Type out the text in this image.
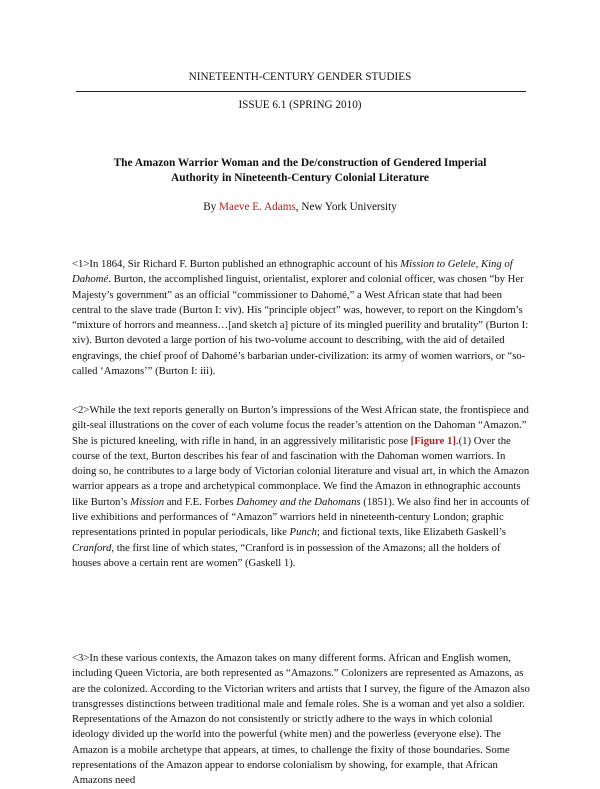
NINETEENTH-CENTURY GENDER STUDIES
ISSUE 6.1 (SPRING 2010)
The Amazon Warrior Woman and the De/construction of Gendered Imperial Authority in Nineteenth-Century Colonial Literature
By Maeve E. Adams, New York University

<1>In 1864, Sir Richard F. Burton published an ethnographic account of his Mission to Gelele, King of Dahomé. Burton, the accomplished linguist, orientalist, explorer and colonial officer, was chosen “by Her Majesty’s government” as an official “commissioner to Dahomé,” a West African state that had been central to the slave trade (Burton I: viv). His “principle object” was, however, to report on the Kingdom’s “mixture of horrors and meanness…[and sketch a] picture of its mingled puerility and brutality” (Burton I: xiv). Burton devoted a large portion of his two-volume account to describing, with the aid of detailed engravings, the chief proof of Dahomé’s barbarian under-civilization: its army of women warriors, or “so-called ‘Amazons’” (Burton I: iii).

<2>While the text reports generally on Burton’s impressions of the West African state, the frontispiece and gilt-seal illustrations on the cover of each volume focus the reader’s attention on the Dahoman “Amazon.” She is pictured kneeling, with rifle in hand, in an aggressively militaristic pose [Figure 1].(1) Over the course of the text, Burton describes his fear of and fascination with the Dahoman women warriors. In doing so, he contributes to a large body of Victorian colonial literature and visual art, in which the Amazon warrior appears as a trope and archetypical commonplace. We find the Amazon in ethnographic accounts like Burton’s Mission and F.E. Forbes Dahomey and the Dahomans (1851). We also find her in accounts of live exhibitions and performances of “Amazon” warriors held in nineteenth-century London; graphic representations printed in popular periodicals, like Punch; and fictional texts, like Elizabeth Gaskell’s Cranford, the first line of which states, “Cranford is in possession of the Amazons; all the holders of houses above a certain rent are women” (Gaskell 1).

<3>In these various contexts, the Amazon takes on many different forms. African and English women, including Queen Victoria, are both represented as “Amazons.” Colonizers are represented as Amazons, as are the colonized. According to the Victorian writers and artists that I survey, the figure of the Amazon also transgresses distinctions between traditional male and female roles. She is a woman and yet also a soldier. Representations of the Amazon do not consistently or strictly adhere to the ways in which colonial ideology divided up the world into the powerful (white men) and the powerless (everyone else). The Amazon is a mobile archetype that appears, at times, to challenge the fixity of those boundaries. Some representations of the Amazon appear to endorse colonialism by showing, for example, that African Amazons need
